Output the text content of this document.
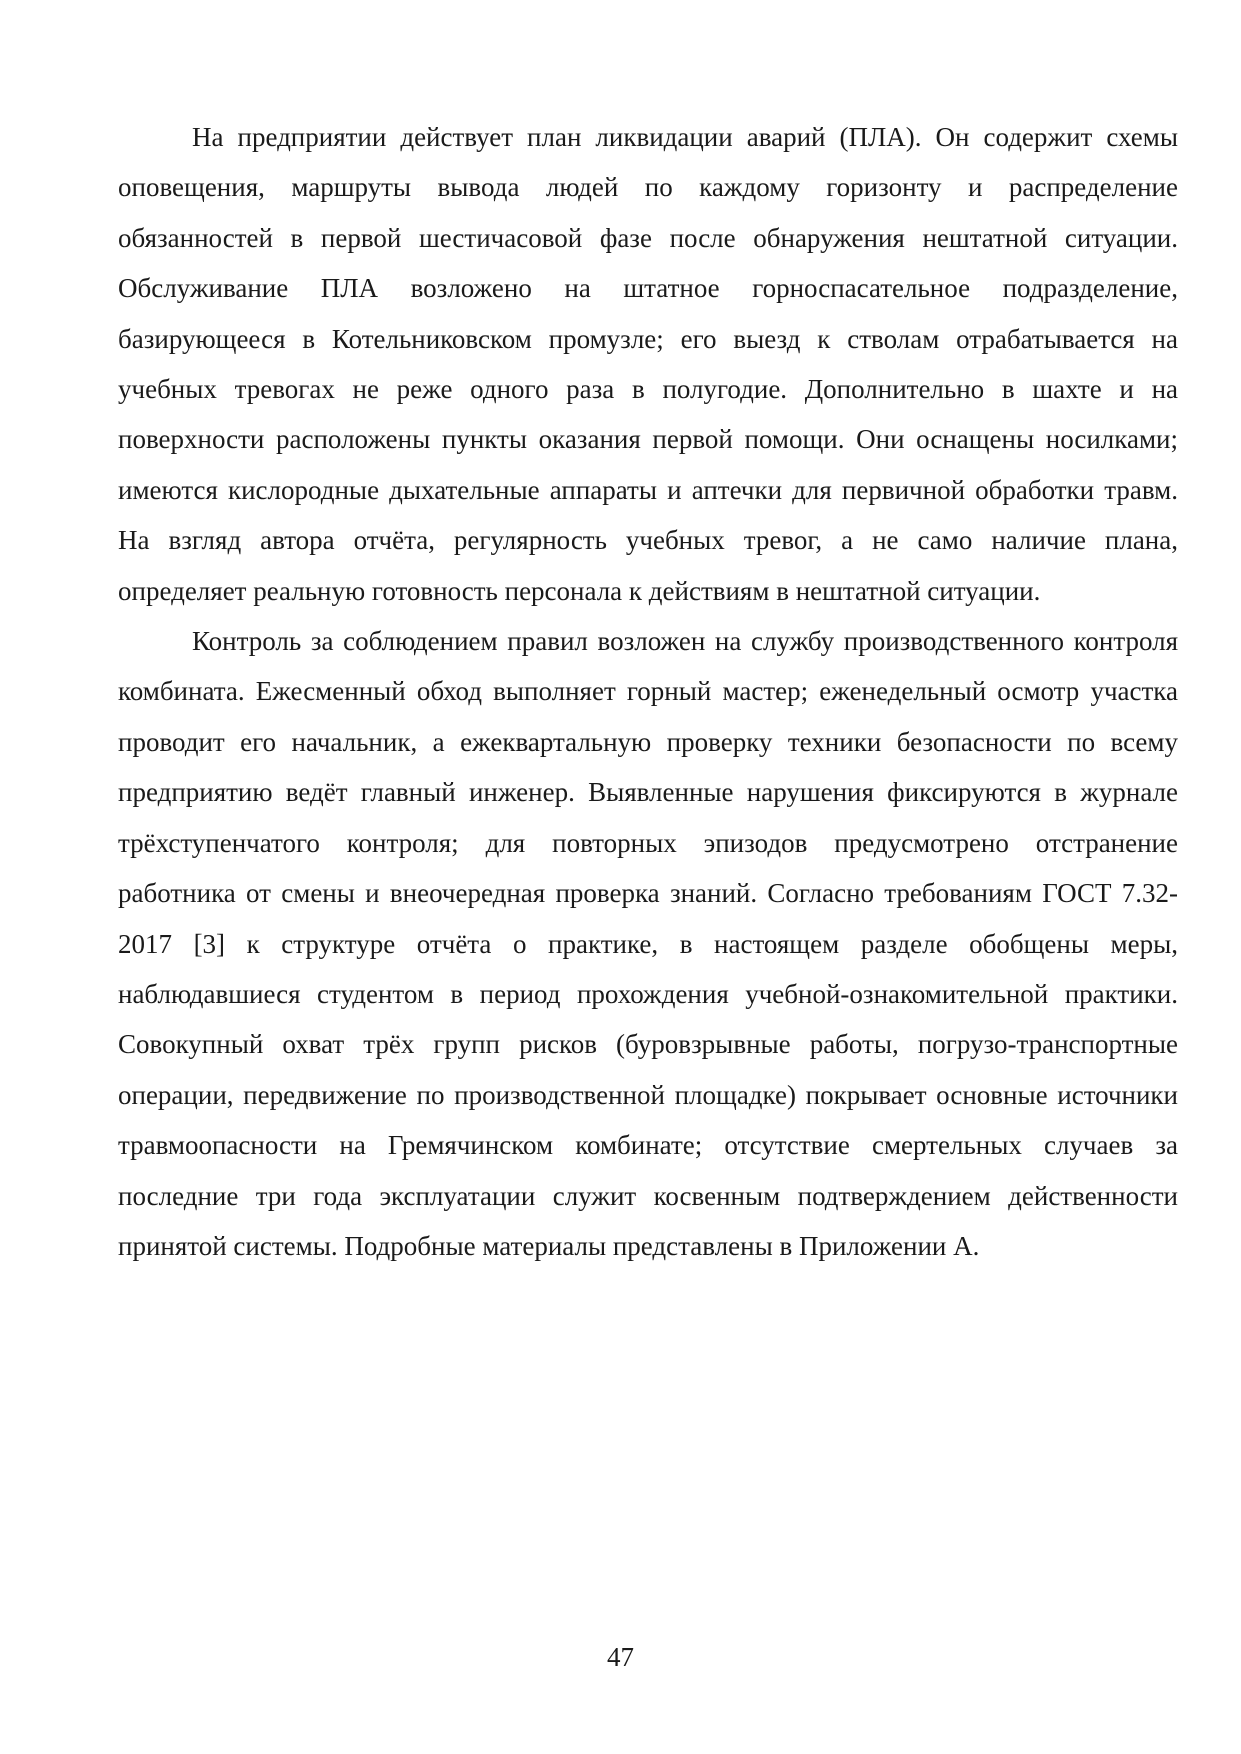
На предприятии действует план ликвидации аварий (ПЛА). Он содержит схемы оповещения, маршруты вывода людей по каждому горизонту и распределение обязанностей в первой шестичасовой фазе после обнаружения нештатной ситуации. Обслуживание ПЛА возложено на штатное горноспасательное подразделение, базирующееся в Котельниковском промузле; его выезд к стволам отрабатывается на учебных тревогах не реже одного раза в полугодие. Дополнительно в шахте и на поверхности расположены пункты оказания первой помощи. Они оснащены носилками; имеются кислородные дыхательные аппараты и аптечки для первичной обработки травм. На взгляд автора отчёта, регулярность учебных тревог, а не само наличие плана, определяет реальную готовность персонала к действиям в нештатной ситуации.

Контроль за соблюдением правил возложен на службу производственного контроля комбината. Ежесменный обход выполняет горный мастер; еженедельный осмотр участка проводит его начальник, а ежеквартальную проверку техники безопасности по всему предприятию ведёт главный инженер. Выявленные нарушения фиксируются в журнале трёхступенчатого контроля; для повторных эпизодов предусмотрено отстранение работника от смены и внеочередная проверка знаний. Согласно требованиям ГОСТ 7.32-2017 [3] к структуре отчёта о практике, в настоящем разделе обобщены меры, наблюдавшиеся студентом в период прохождения учебной-ознакомительной практики. Совокупный охват трёх групп рисков (буровзрывные работы, погрузо-транспортные операции, передвижение по производственной площадке) покрывает основные источники травмоопасности на Гремячинском комбинате; отсутствие смертельных случаев за последние три года эксплуатации служит косвенным подтверждением действенности принятой системы. Подробные материалы представлены в Приложении А.

47
